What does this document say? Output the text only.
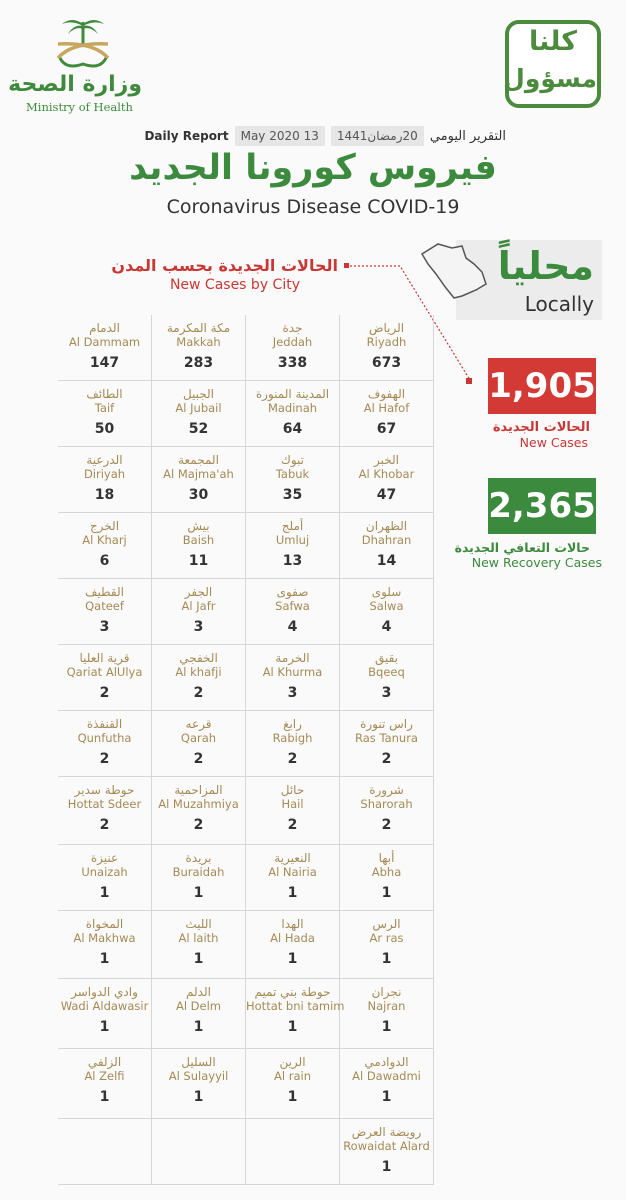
وزارة الصحة
Ministry of Health
كلنا
مسؤول
Daily Report	13 May 2020	20رمضان1441 التقرير اليومي
فيروس كورونا الجديد
Coronavirus Disease COVID-19
محلياً
Locally
الحالات الجديدة بحسب المدن
New Cases by City
1,905
الحالات الجديدة
New Cases
2,365
حالات التعافي الجديدة
New Recovery Cases
الرياض
Riyadh
673
جدة
Jeddah
338
مكة المكرمة
Makkah
283
الدمام
Al Dammam
147
الهفوف
Al Hafof
67
المدينة المنورة
Madinah
64
الجبيل
Al Jubail
52
الطائف
Taif
50
الخبر
Al Khobar
47
تبوك
Tabuk
35
المجمعة
Al Majma'ah
30
الدرعية
Diriyah
18
الظهران
Dhahran
14
أملج
Umluj
13
بيش
Baish
11
الخرج
Al Kharj
6
سلوى
Salwa
4
صفوى
Safwa
4
الجفر
Al Jafr
3
القطيف
Qateef
3
بقيق
Bqeeq
3
الخرمة
Al Khurma
3
الخفجي
Al khafji
2
قرية العليا
Qariat AlUlya
2
راس تنورة
Ras Tanura
2
رابغ
Rabigh
2
قرعه
Qarah
2
القنفذة
Qunfutha
2
شرورة
Sharorah
2
حائل
Hail
2
المزاحمية
Al Muzahmiya
2
حوطة سدير
Hottat Sdeer
2
أبها
Abha
1
النعيرية
Al Nairia
1
بريدة
Buraidah
1
عنيزة
Unaizah
1
الرس
Ar ras
1
الهدا
Al Hada
1
الليث
Al laith
1
المخواة
Al Makhwa
1
نجران
Najran
1
حوطة بني تميم
Hottat bni tamim
1
الدلم
Al Delm
1
وادي الدواسر
Wadi Aldawasir
1
الدوادمي
Al Dawadmi
1
الرين
Al rain
1
السليل
Al Sulayyil
1
الزلفي
Al Zelfi
1
رويضة العرض
Rowaidat Alard
1
